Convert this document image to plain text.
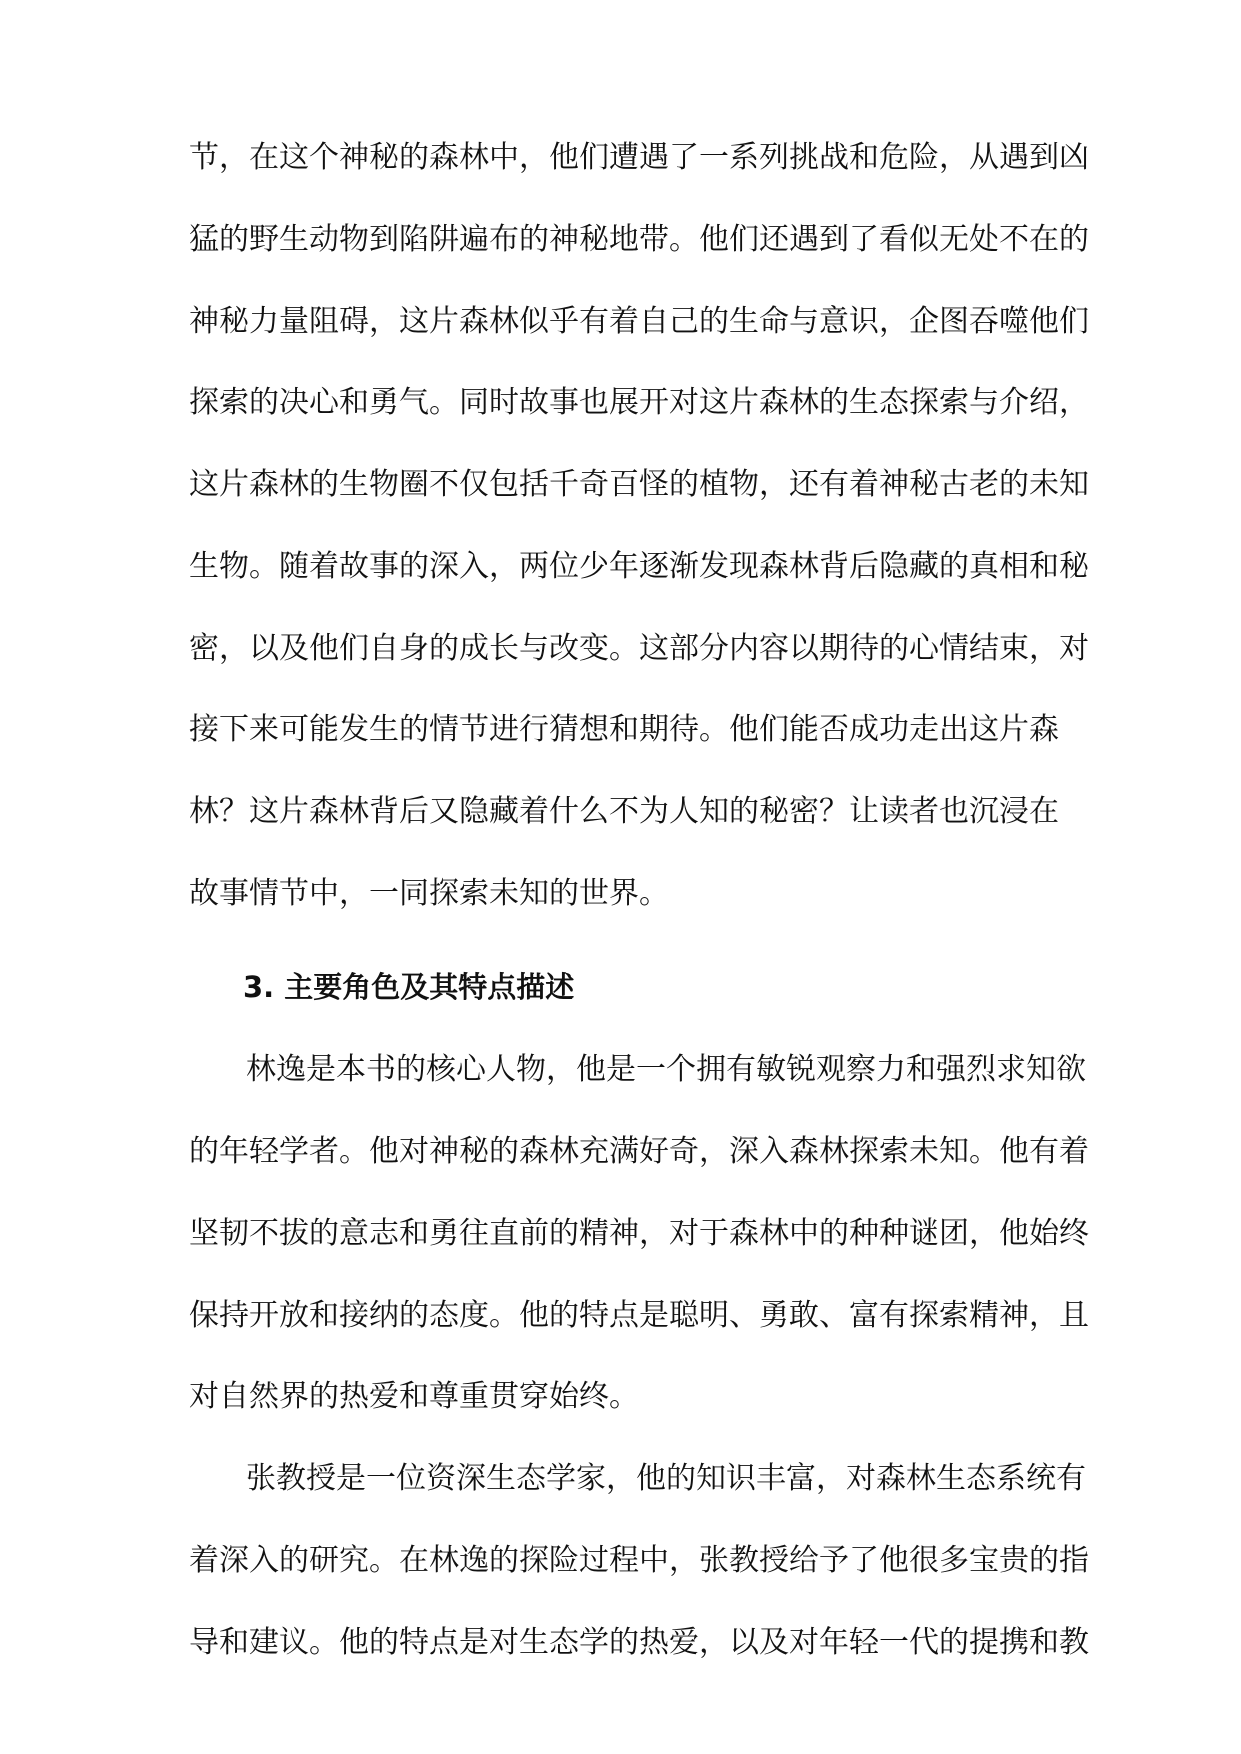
节，在这个神秘的森林中，他们遭遇了一系列挑战和危险，从遇到凶
猛的野生动物到陷阱遍布的神秘地带。他们还遇到了看似无处不在的
神秘力量阻碍，这片森林似乎有着自己的生命与意识，企图吞噬他们
探索的决心和勇气。同时故事也展开对这片森林的生态探索与介绍，
这片森林的生物圈不仅包括千奇百怪的植物，还有着神秘古老的未知
生物。随着故事的深入，两位少年逐渐发现森林背后隐藏的真相和秘
密，以及他们自身的成长与改变。这部分内容以期待的心情结束，对
接下来可能发生的情节进行猜想和期待。他们能否成功走出这片森
林？这片森林背后又隐藏着什么不为人知的秘密？让读者也沉浸在
故事情节中，一同探索未知的世界。
3. 主要角色及其特点描述
林逸是本书的核心人物，他是一个拥有敏锐观察力和强烈求知欲
的年轻学者。他对神秘的森林充满好奇，深入森林探索未知。他有着
坚韧不拔的意志和勇往直前的精神，对于森林中的种种谜团，他始终
保持开放和接纳的态度。他的特点是聪明、勇敢、富有探索精神，且
对自然界的热爱和尊重贯穿始终。
张教授是一位资深生态学家，他的知识丰富，对森林生态系统有
着深入的研究。在林逸的探险过程中，张教授给予了他很多宝贵的指
导和建议。他的特点是对生态学的热爱，以及对年轻一代的提携和教
